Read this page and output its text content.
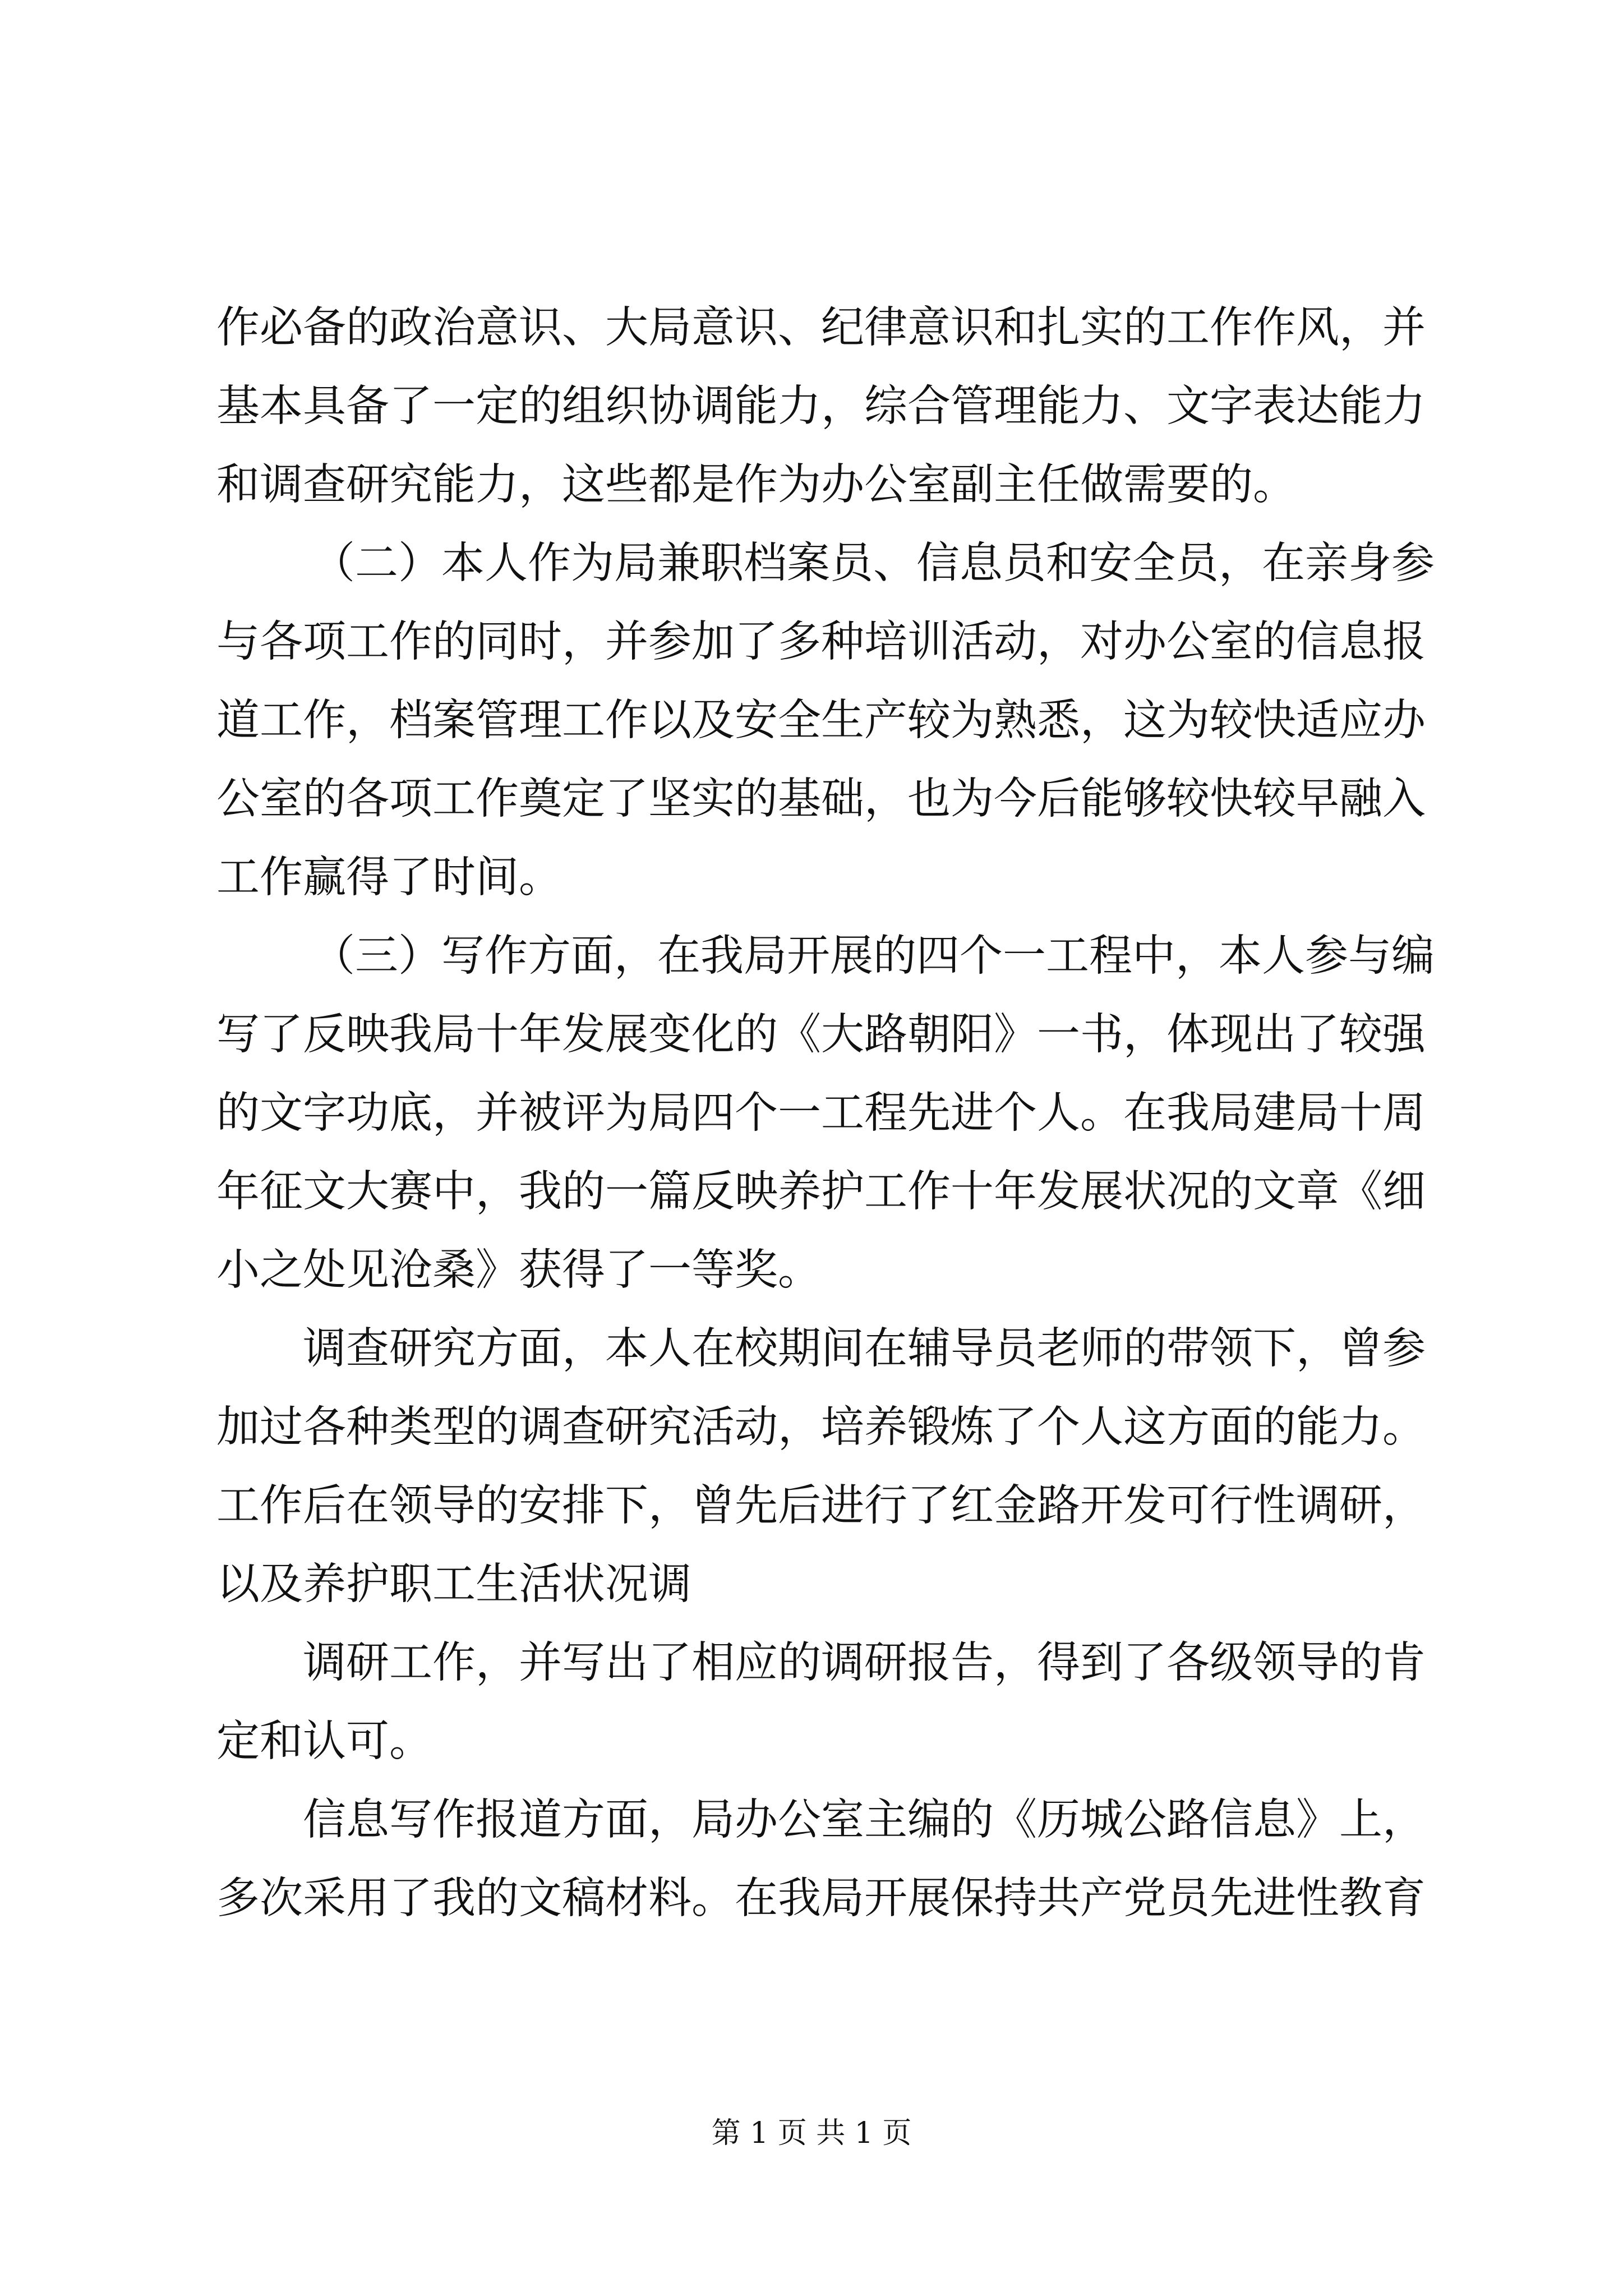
作必备的政治意识、大局意识、纪律意识和扎实的工作作风，并
基本具备了一定的组织协调能力，综合管理能力、文字表达能力
和调查研究能力，这些都是作为办公室副主任做需要的。
（二）本人作为局兼职档案员、信息员和安全员，在亲身参
与各项工作的同时，并参加了多种培训活动，对办公室的信息报
道工作，档案管理工作以及安全生产较为熟悉，这为较快适应办
公室的各项工作奠定了坚实的基础，也为今后能够较快较早融入
工作赢得了时间。
（三）写作方面，在我局开展的四个一工程中，本人参与编
写了反映我局十年发展变化的《大路朝阳》一书，体现出了较强
的文字功底，并被评为局四个一工程先进个人。在我局建局十周
年征文大赛中，我的一篇反映养护工作十年发展状况的文章《细
小之处见沧桑》获得了一等奖。
调查研究方面，本人在校期间在辅导员老师的带领下，曾参
加过各种类型的调查研究活动，培养锻炼了个人这方面的能力。
工作后在领导的安排下，曾先后进行了红金路开发可行性调研，
以及养护职工生活状况调
调研工作，并写出了相应的调研报告，得到了各级领导的肯
定和认可。
信息写作报道方面，局办公室主编的《历城公路信息》上，
多次采用了我的文稿材料。在我局开展保持共产党员先进性教育
第 1 页 共 1 页
